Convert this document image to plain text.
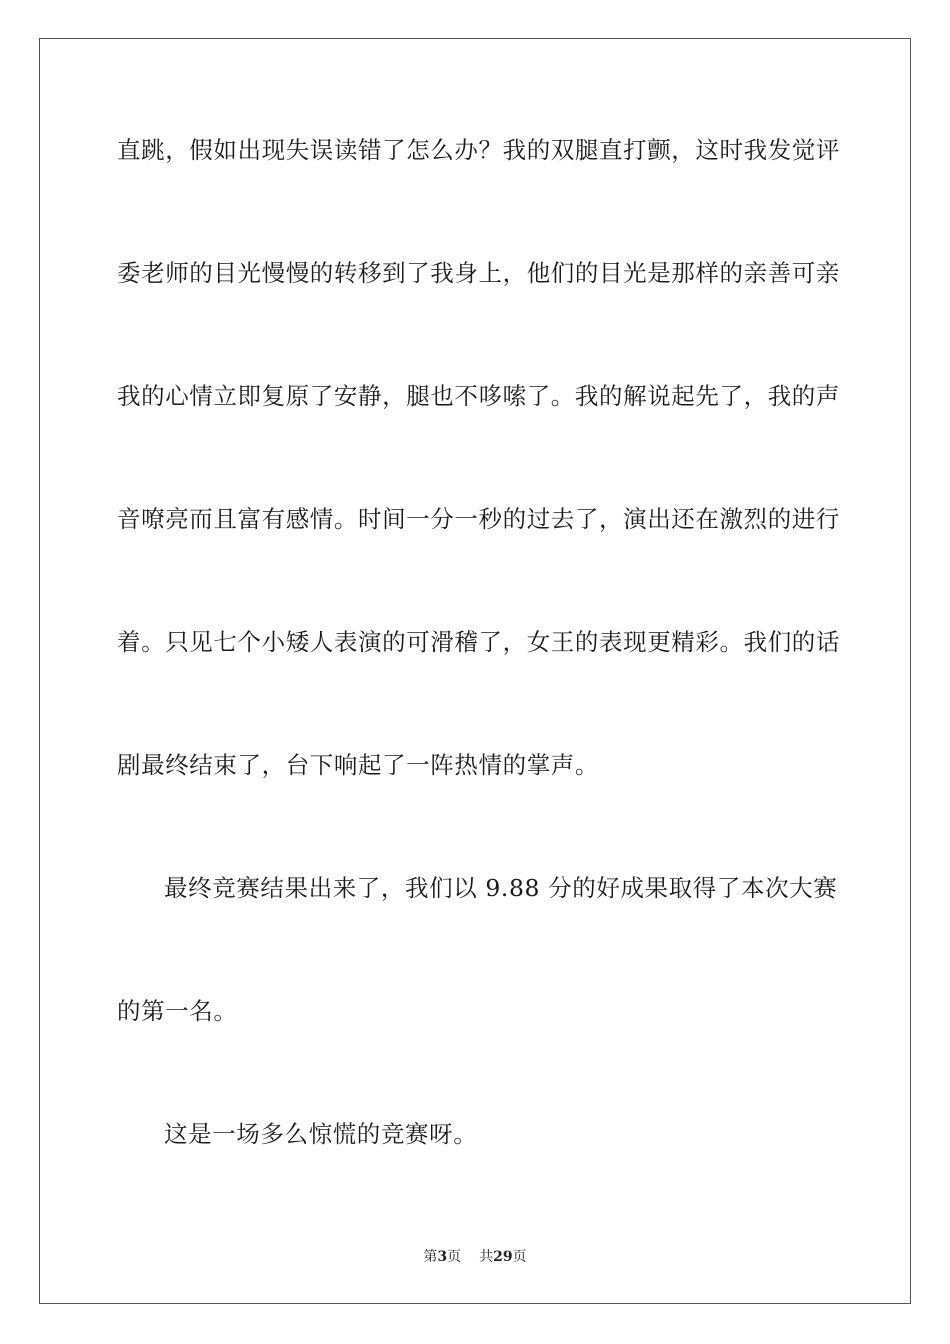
直跳，假如出现失误读错了怎么办？我的双腿直打颤，这时我发觉评
委老师的目光慢慢的转移到了我身上，他们的目光是那样的亲善可亲
我的心情立即复原了安静，腿也不哆嗦了。我的解说起先了，我的声
音嘹亮而且富有感情。时间一分一秒的过去了，演出还在激烈的进行
着。只见七个小矮人表演的可滑稽了，女王的表现更精彩。我们的话
剧最终结束了，台下响起了一阵热情的掌声。
最终竞赛结果出来了，我们以 9.88 分的好成果取得了本次大赛
的第一名。
这是一场多么惊慌的竞赛呀。
第3页 共29页
